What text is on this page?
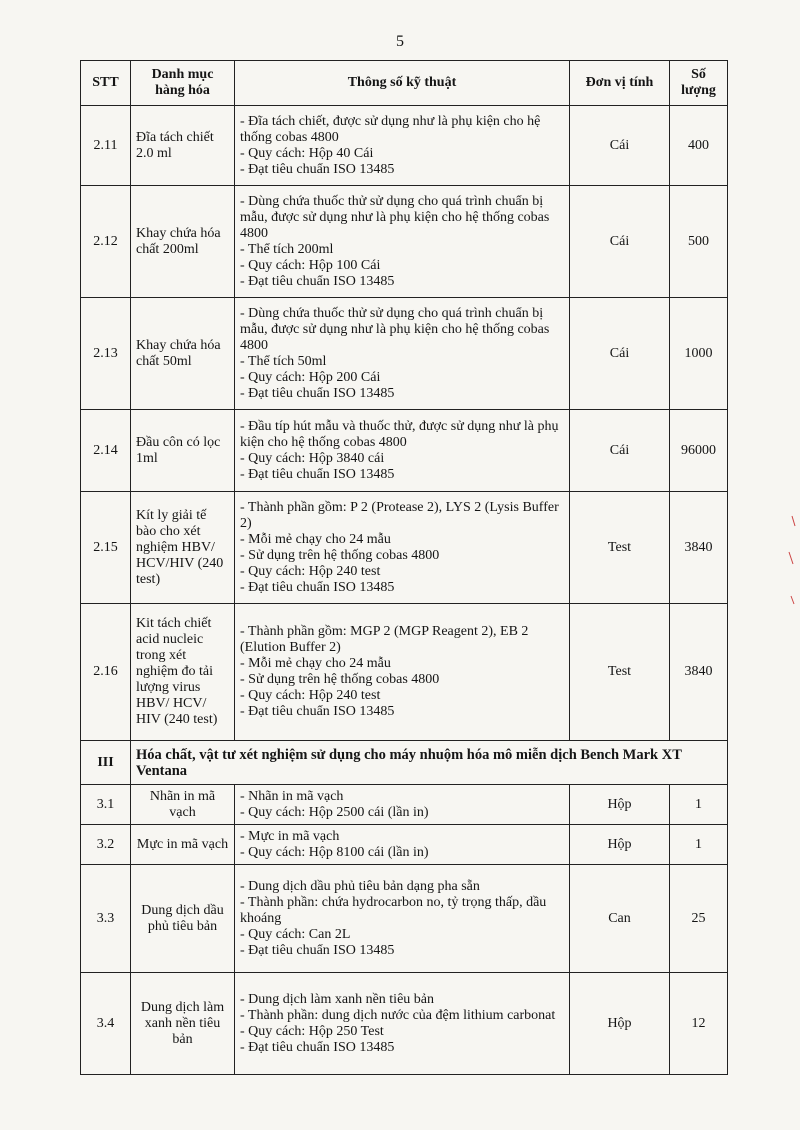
5
STT	Danh mục hàng hóa	Thông số kỹ thuật	Đơn vị tính	Số lượng
2.11	Đĩa tách chiết 2.0 ml	- Đĩa tách chiết, được sử dụng như là phụ kiện cho hệ thống cobas 4800
- Quy cách: Hộp 40 Cái
- Đạt tiêu chuẩn ISO 13485	Cái	400
2.12	Khay chứa hóa chất 200ml	- Dùng chứa thuốc thử sử dụng cho quá trình chuẩn bị mẫu, được sử dụng như là phụ kiện cho hệ thống cobas 4800
- Thể tích 200ml
- Quy cách: Hộp 100 Cái
- Đạt tiêu chuẩn ISO 13485	Cái	500
2.13	Khay chứa hóa chất 50ml	- Dùng chứa thuốc thử sử dụng cho quá trình chuẩn bị mẫu, được sử dụng như là phụ kiện cho hệ thống cobas 4800
- Thể tích 50ml
- Quy cách: Hộp 200 Cái
- Đạt tiêu chuẩn ISO 13485	Cái	1000
2.14	Đầu côn có lọc 1ml	- Đầu típ hút mẫu và thuốc thử, được sử dụng như là phụ kiện cho hệ thống cobas 4800
- Quy cách: Hộp 3840 cái
- Đạt tiêu chuẩn ISO 13485	Cái	96000
2.15	Kít ly giải tế bào cho xét nghiệm HBV/ HCV/HIV (240 test)	- Thành phần gồm: P 2 (Protease 2), LYS 2 (Lysis Buffer 2)
- Mỗi mẻ chạy cho 24 mẫu
- Sử dụng trên hệ thống cobas 4800
- Quy cách: Hộp 240 test
- Đạt tiêu chuẩn ISO 13485	Test	3840
2.16	Kit tách chiết acid nucleic trong xét nghiệm đo tải lượng virus HBV/ HCV/ HIV (240 test)	- Thành phần gồm: MGP 2 (MGP Reagent 2), EB 2 (Elution Buffer 2)
- Mỗi mẻ chạy cho 24 mẫu
- Sử dụng trên hệ thống cobas 4800
- Quy cách: Hộp 240 test
- Đạt tiêu chuẩn ISO 13485	Test	3840
III	Hóa chất, vật tư xét nghiệm sử dụng cho máy nhuộm hóa mô miễn dịch Bench Mark XT Ventana			
3.1	Nhãn in mã vạch	- Nhãn in mã vạch
- Quy cách: Hộp 2500 cái (lần in)	Hộp	1
3.2	Mực in mã vạch	- Mực in mã vạch
- Quy cách: Hộp 8100 cái (lần in)	Hộp	1
3.3	Dung dịch dầu phủ tiêu bản	- Dung dịch dầu phủ tiêu bản dạng pha sẵn
- Thành phần: chứa hydrocarbon no, tỷ trọng thấp, dầu khoáng
- Quy cách: Can 2L
- Đạt tiêu chuẩn ISO 13485	Can	25
3.4	Dung dịch làm xanh nền tiêu bản	- Dung dịch làm xanh nền tiêu bản
- Thành phần: dung dịch nước của đệm lithium carbonat
- Quy cách: Hộp 250 Test
- Đạt tiêu chuẩn ISO 13485	Hộp	12
